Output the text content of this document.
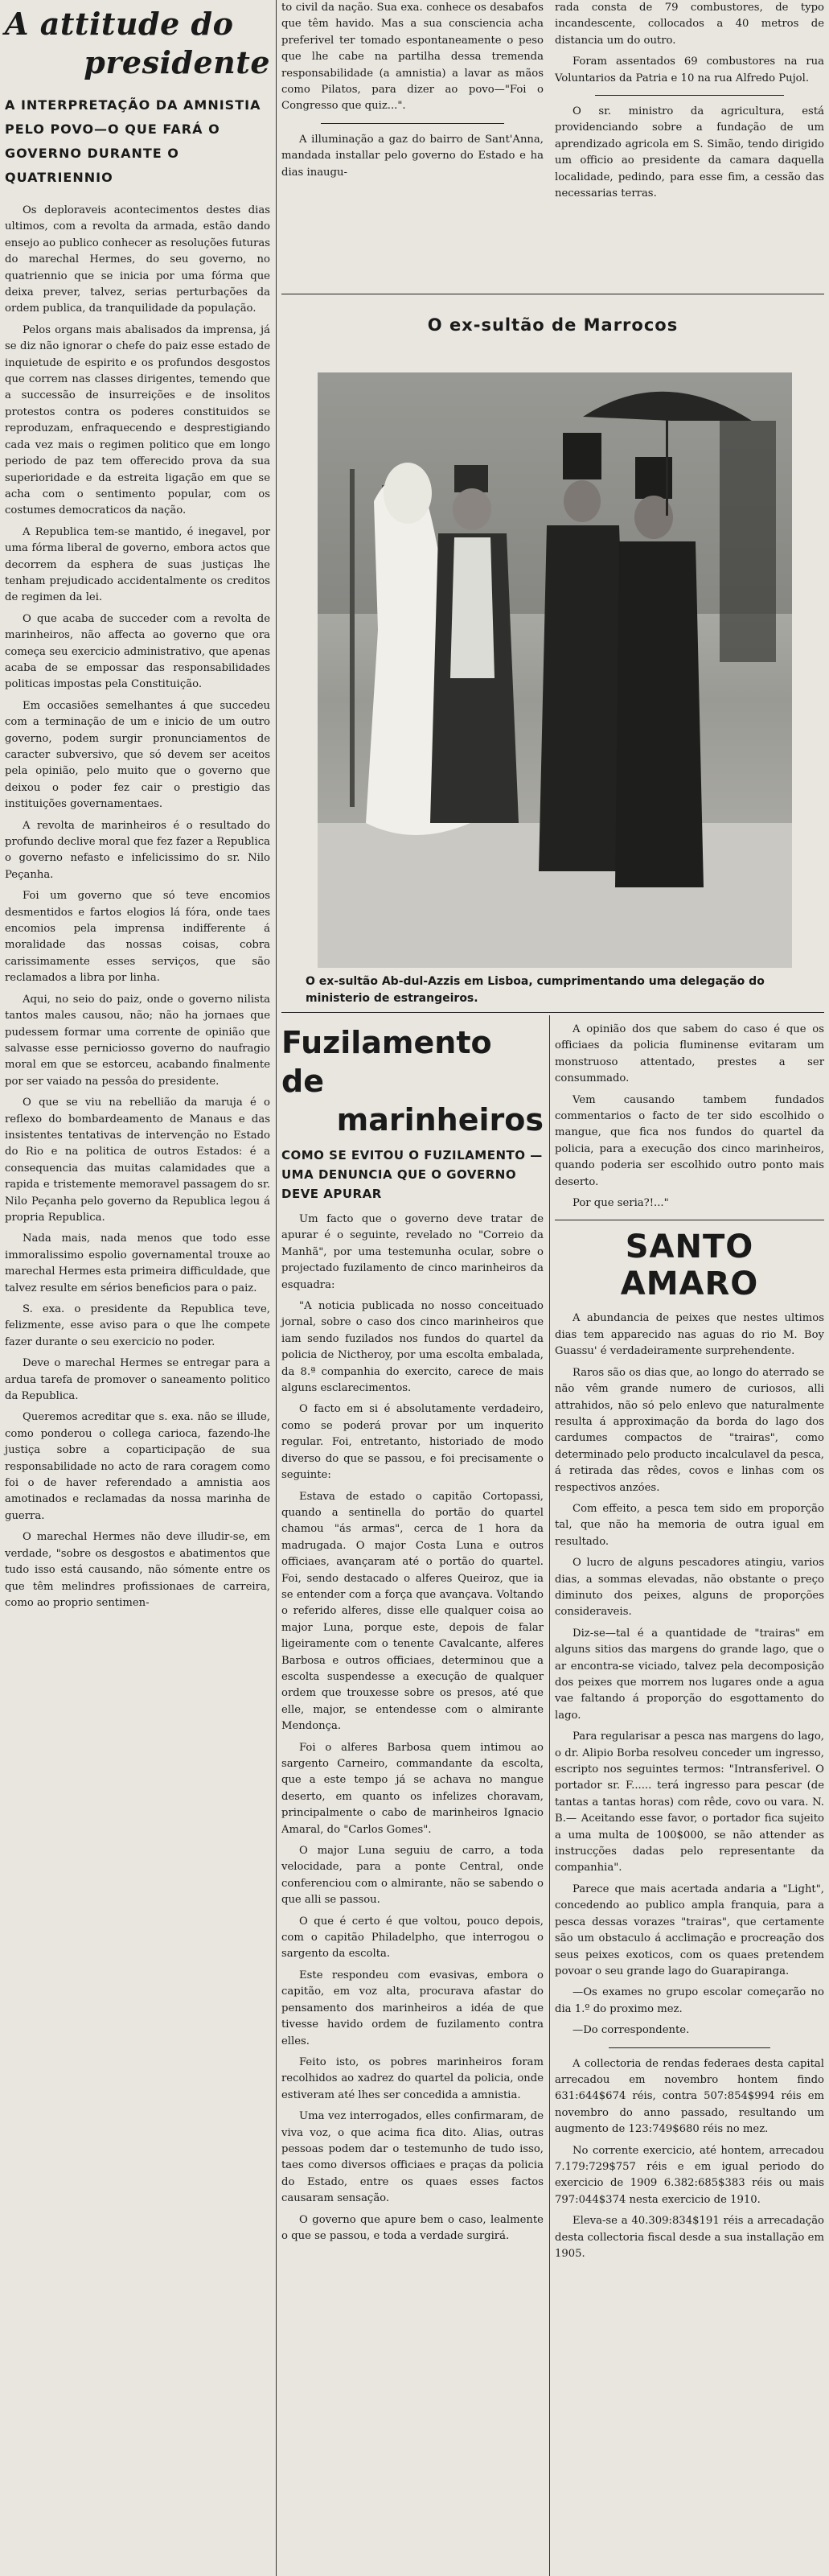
A attitude do
presidente
A INTERPRETAÇÃO DA AMNISTIA PELO POVO—O QUE FARÁ O GOVERNO DURANTE O QUATRIENNIO

Os deploraveis acontecimentos destes dias ultimos, com a revolta da armada, estão dando ensejo ao publico conhecer as resoluções futuras do marechal Hermes, do seu governo, no quatriennio que se inicia por uma fórma que deixa prever, talvez, serias perturbações da ordem publica, da tranquilidade da população.

Pelos organs mais abalisados da imprensa, já se diz não ignorar o chefe do paiz esse estado de inquietude de espirito e os profundos desgostos que correm nas classes dirigentes, temendo que a successão de insurreições e de insolitos protestos contra os poderes constituidos se reproduzam, enfraquecendo e desprestigiando cada vez mais o regimen politico que em longo periodo de paz tem offerecido prova da sua superioridade e da estreita ligação em que se acha com o sentimento popular, com os costumes democraticos da nação.

A Republica tem-se mantido, é inegavel, por uma fórma liberal de governo, embora actos que decorrem da esphera de suas justiças lhe tenham prejudicado accidentalmente os creditos de regimen da lei.

O que acaba de succeder com a revolta de marinheiros, não affecta ao governo que ora começa seu exercicio administrativo, que apenas acaba de se empossar das responsabilidades politicas impostas pela Constituição.

Em occasiões semelhantes á que succedeu com a terminação de um e inicio de um outro governo, podem surgir pronunciamentos de caracter subversivo, que só devem ser aceitos pela opinião, pelo muito que o governo que deixou o poder fez cair o prestigio das instituições governamentaes.

A revolta de marinheiros é o resultado do profundo declive moral que fez fazer a Republica o governo nefasto e infelicissimo do sr. Nilo Peçanha.

Foi um governo que só teve encomios desmentidos e fartos elogios lá fóra, onde taes encomios pela imprensa indifferente á moralidade das nossas coisas, cobra carissimamente esses serviços, que são reclamados a libra por linha.

Aqui, no seio do paiz, onde o governo nilista tantos males causou, não; não ha jornaes que pudessem formar uma corrente de opinião que salvasse esse perniciosso governo do naufragio moral em que se estorceu, acabando finalmente por ser vaiado na pessôa do presidente.

O que se viu na rebellião da maruja é o reflexo do bombardeamento de Manaus e das insistentes tentativas de intervenção no Estado do Rio e na politica de outros Estados: é a consequencia das muitas calamidades que a rapida e tristemente memoravel passagem do sr. Nilo Peçanha pelo governo da Republica legou á propria Republica.

Nada mais, nada menos que todo esse immoralissimo espolio governamental trouxe ao marechal Hermes esta primeira difficuldade, que talvez resulte em sérios beneficios para o paiz.

S. exa. o presidente da Republica teve, felizmente, esse aviso para o que lhe compete fazer durante o seu exercicio no poder.

Deve o marechal Hermes se entregar para a ardua tarefa de promover o saneamento politico da Republica.

Queremos acreditar que s. exa. não se illude, como ponderou o collega carioca, fazendo-lhe justiça sobre a coparticipação de sua responsabilidade no acto de rara coragem como foi o de haver referendado a amnistia aos amotinados e reclamadas da nossa marinha de guerra.

O marechal Hermes não deve illudir-se, em verdade, "sobre os desgostos e abatimentos que tudo isso está causando, não sómente entre os que têm melindres profissionaes de carreira, como ao proprio sentimen-

to civil da nação. Sua exa. conhece os desabafos que têm havido. Mas a sua consciencia acha preferivel ter tomado espontaneamente o peso que lhe cabe na partilha dessa tremenda responsabilidade (a amnistia) a lavar as mãos como Pilatos, para dizer ao povo—"Foi o Congresso que quiz...".

A illuminação a gaz do bairro de Sant'Anna, mandada installar pelo governo do Estado e ha dias inaugu-

rada consta de 79 combustores, de typo incandescente, collocados a 40 metros de distancia um do outro.

Foram assentados 69 combustores na rua Voluntarios da Patria e 10 na rua Alfredo Pujol.

O sr. ministro da agricultura, está providenciando sobre a fundação de um aprendizado agricola em S. Simão, tendo dirigido um officio ao presidente da camara daquella localidade, pedindo, para esse fim, a cessão das necessarias terras.

O ex-sultão de Marrocos
O ex-sultão Ab-dul-Azzis em Lisboa, cumprimentando uma delegação do ministerio de estrangeiros.
Fuzilamento de
marinheiros
COMO SE EVITOU O FUZILAMENTO — UMA DENUNCIA QUE O GOVERNO DEVE APURAR

Um facto que o governo deve tratar de apurar é o seguinte, revelado no "Correio da Manhã", por uma testemunha ocular, sobre o projectado fuzilamento de cinco marinheiros da esquadra:

"A noticia publicada no nosso conceituado jornal, sobre o caso dos cinco marinheiros que iam sendo fuzilados nos fundos do quartel da policia de Nictheroy, por uma escolta embalada, da 8.ª companhia do exercito, carece de mais alguns esclarecimentos.

O facto em si é absolutamente verdadeiro, como se poderá provar por um inquerito regular. Foi, entretanto, historiado de modo diverso do que se passou, e foi precisamente o seguinte:

Estava de estado o capitão Cortopassi, quando a sentinella do portão do quartel chamou "ás armas", cerca de 1 hora da madrugada. O major Costa Luna e outros officiaes, avançaram até o portão do quartel. Foi, sendo destacado o alferes Queiroz, que ia se entender com a força que avançava. Voltando o referido alferes, disse elle qualquer coisa ao major Luna, porque este, depois de falar ligeiramente com o tenente Cavalcante, alferes Barbosa e outros officiaes, determinou que a escolta suspendesse a execução de qualquer ordem que trouxesse sobre os presos, até que elle, major, se entendesse com o almirante Mendonça.

Foi o alferes Barbosa quem intimou ao sargento Carneiro, commandante da escolta, que a este tempo já se achava no mangue deserto, em quanto os infelizes choravam, principalmente o cabo de marinheiros Ignacio Amaral, do "Carlos Gomes".

O major Luna seguiu de carro, a toda velocidade, para a ponte Central, onde conferenciou com o almirante, não se sabendo o que alli se passou.

O que é certo é que voltou, pouco depois, com o capitão Philadelpho, que interrogou o sargento da escolta.

Este respondeu com evasivas, embora o capitão, em voz alta, procurava afastar do pensamento dos marinheiros a idéa de que tivesse havido ordem de fuzilamento contra elles.

Feito isto, os pobres marinheiros foram recolhidos ao xadrez do quartel da policia, onde estiveram até lhes ser concedida a amnistia.

Uma vez interrogados, elles confirmaram, de viva voz, o que acima fica dito. Alias, outras pessoas podem dar o testemunho de tudo isso, taes como diversos officiaes e praças da policia do Estado, entre os quaes esses factos causaram sensação.

O governo que apure bem o caso, lealmente o que se passou, e toda a verdade surgirá.

A opinião dos que sabem do caso é que os officiaes da policia fluminense evitaram um monstruoso attentado, prestes a ser consummado.

Vem causando tambem fundados commentarios o facto de ter sido escolhido o mangue, que fica nos fundos do quartel da policia, para a execução dos cinco marinheiros, quando poderia ser escolhido outro ponto mais deserto.

Por que seria?!..."

SANTO AMARO

A abundancia de peixes que nestes ultimos dias tem apparecido nas aguas do rio M. Boy Guassu' é verdadeiramente surprehendente.

Raros são os dias que, ao longo do aterrado se não vêm grande numero de curiosos, alli attrahidos, não só pelo enlevo que naturalmente resulta á approximação da borda do lago dos cardumes compactos de "trairas", como determinado pelo producto incalculavel da pesca, á retirada das rêdes, covos e linhas com os respectivos anzóes.

Com effeito, a pesca tem sido em proporção tal, que não ha memoria de outra igual em resultado.

O lucro de alguns pescadores atingiu, varios dias, a sommas elevadas, não obstante o preço diminuto dos peixes, alguns de proporções consideraveis.

Diz-se—tal é a quantidade de "trairas" em alguns sitios das margens do grande lago, que o ar encontra-se viciado, talvez pela decomposição dos peixes que morrem nos lugares onde a agua vae faltando á proporção do esgottamento do lago.

Para regularisar a pesca nas margens do lago, o dr. Alipio Borba resolveu conceder um ingresso, escripto nos seguintes termos: "Intransferivel. O portador sr. F...... terá ingresso para pescar (de tantas a tantas horas) com rêde, covo ou vara. N. B.— Aceitando esse favor, o portador fica sujeito a uma multa de 100$000, se não attender as instrucções dadas pelo representante da companhia".

Parece que mais acertada andaria a "Light", concedendo ao publico ampla franquia, para a pesca dessas vorazes "trairas", que certamente são um obstaculo á acclimação e procreação dos seus peixes exoticos, com os quaes pretendem povoar o seu grande lago do Guarapiranga.

—Os exames no grupo escolar começarão no dia 1.º do proximo mez.

—Do correspondente.

A collectoria de rendas federaes desta capital arrecadou em novembro hontem findo 631:644$674 réis, contra 507:854$994 réis em novembro do anno passado, resultando um augmento de 123:749$680 réis no mez.

No corrente exercicio, até hontem, arrecadou 7.179:729$757 réis e em igual periodo do exercicio de 1909 6.382:685$383 réis ou mais 797:044$374 nesta exercicio de 1910.

Eleva-se a 40.309:834$191 réis a arrecadação desta collectoria fiscal desde a sua installação em 1905.
